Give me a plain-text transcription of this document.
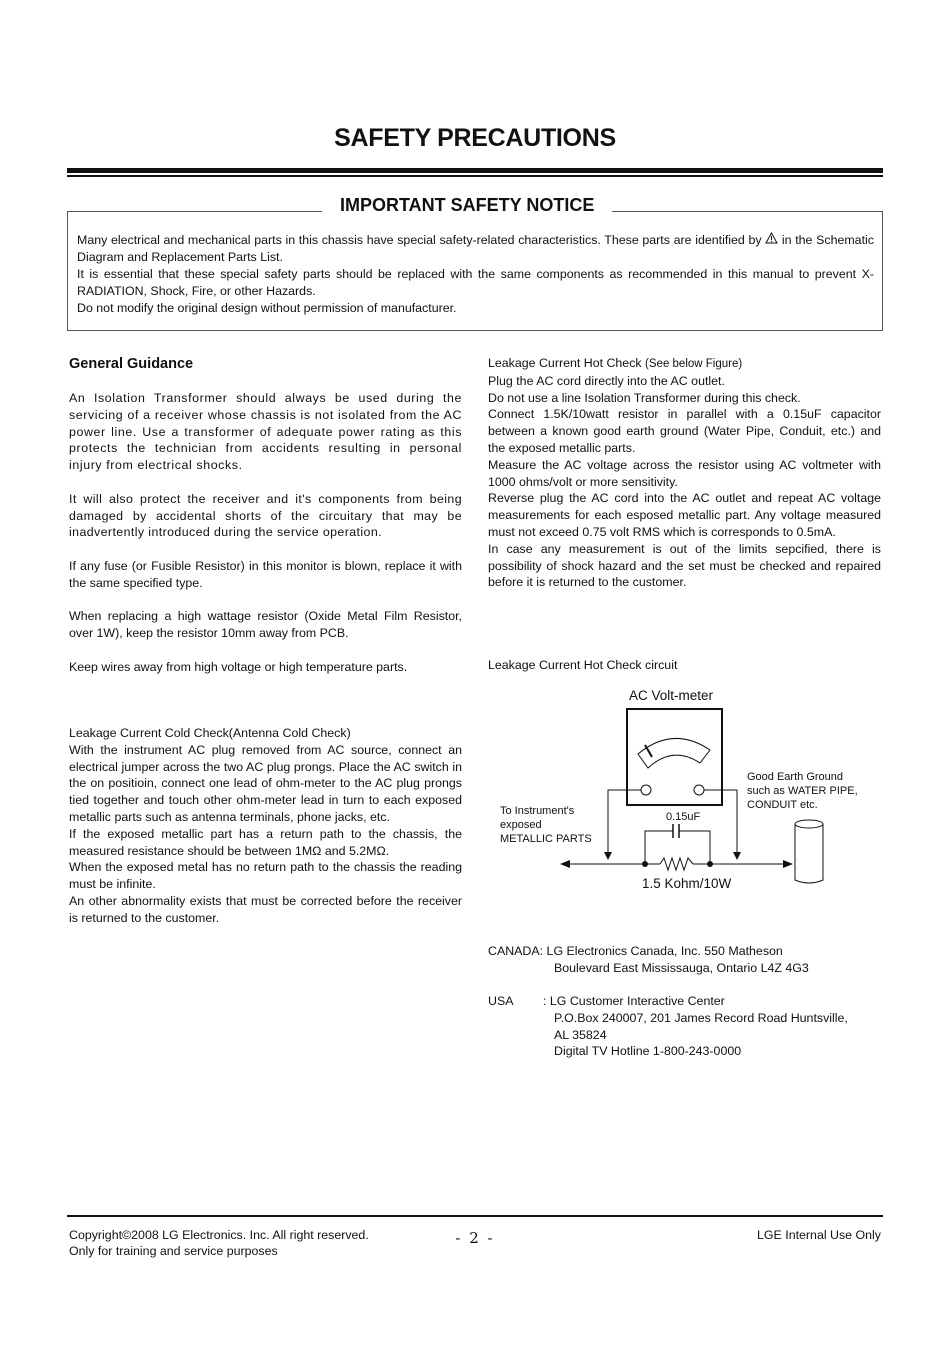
SAFETY PRECAUTIONS
IMPORTANT SAFETY NOTICE

Many electrical and mechanical parts in this chassis have special safety-related characteristics. These parts are identified by in the Schematic Diagram and Replacement Parts List.

It is essential that these special safety parts should be replaced with the same components as recommended in this manual to prevent X-RADIATION, Shock, Fire, or other Hazards.

Do not modify the original design without permission of manufacturer.

General Guidance

An Isolation Transformer should always be used during the servicing of a receiver whose chassis is not isolated from the AC power line. Use a transformer of adequate power rating as this protects the technician from accidents resulting in personal injury from electrical shocks.

It will also protect the receiver and it's components from being damaged by accidental shorts of the circuitary that may be inadvertently introduced during the service operation.

If any fuse (or Fusible Resistor) in this monitor is blown, replace it with the same specified type.

When replacing a high wattage resistor (Oxide Metal Film Resistor, over 1W), keep the resistor 10mm away from PCB.

Keep wires away from high voltage or high temperature parts.

Leakage Current Cold Check(Antenna Cold Check)

With the instrument AC plug removed from AC source, connect an electrical jumper across the two AC plug prongs. Place the AC switch in the on positioin, connect one lead of ohm-meter to the AC plug prongs tied together and touch other ohm-meter lead in turn to each exposed metallic parts such as antenna terminals, phone jacks, etc.

If the exposed metallic part has a return path to the chassis, the measured resistance should be between 1MΩ and 5.2MΩ.

When the exposed metal has no return path to the chassis the reading must be infinite.

An other abnormality exists that must be corrected before the receiver is returned to the customer.

Leakage Current Hot Check (See below Figure)

Plug the AC cord directly into the AC outlet.

Do not use a line Isolation Transformer during this check.

Connect 1.5K/10watt resistor in parallel with a 0.15uF capacitor between a known good earth ground (Water Pipe, Conduit, etc.) and the exposed metallic parts.

Measure the AC voltage across the resistor using AC voltmeter with 1000 ohms/volt or more sensitivity.

Reverse plug the AC cord into the AC outlet and repeat AC voltage measurements for each esposed metallic part. Any voltage measured must not exceed 0.75 volt RMS which is corresponds to 0.5mA.

In case any measurement is out of the limits sepcified, there is possibility of shock hazard and the set must be checked and repaired before it is returned to the customer.

Leakage Current Hot Check circuit
AC Volt-meter
To Instrument's
exposed
METALLIC PARTS
Good Earth Ground
such as WATER PIPE,
CONDUIT etc.
0.15uF
1.5 Kohm/10W
CANADA: LG Electronics Canada, Inc. 550 Matheson
Boulevard East Mississauga, Ontario L4Z 4G3
USA : LG Customer Interactive Center
P.O.Box 240007, 201 James Record Road Huntsville,
AL 35824
Digital TV Hotline 1-800-243-0000
Copyright©2008 LG Electronics. Inc. All right reserved.
Only for training and service purposes
- 2 -	LGE Internal Use Only
